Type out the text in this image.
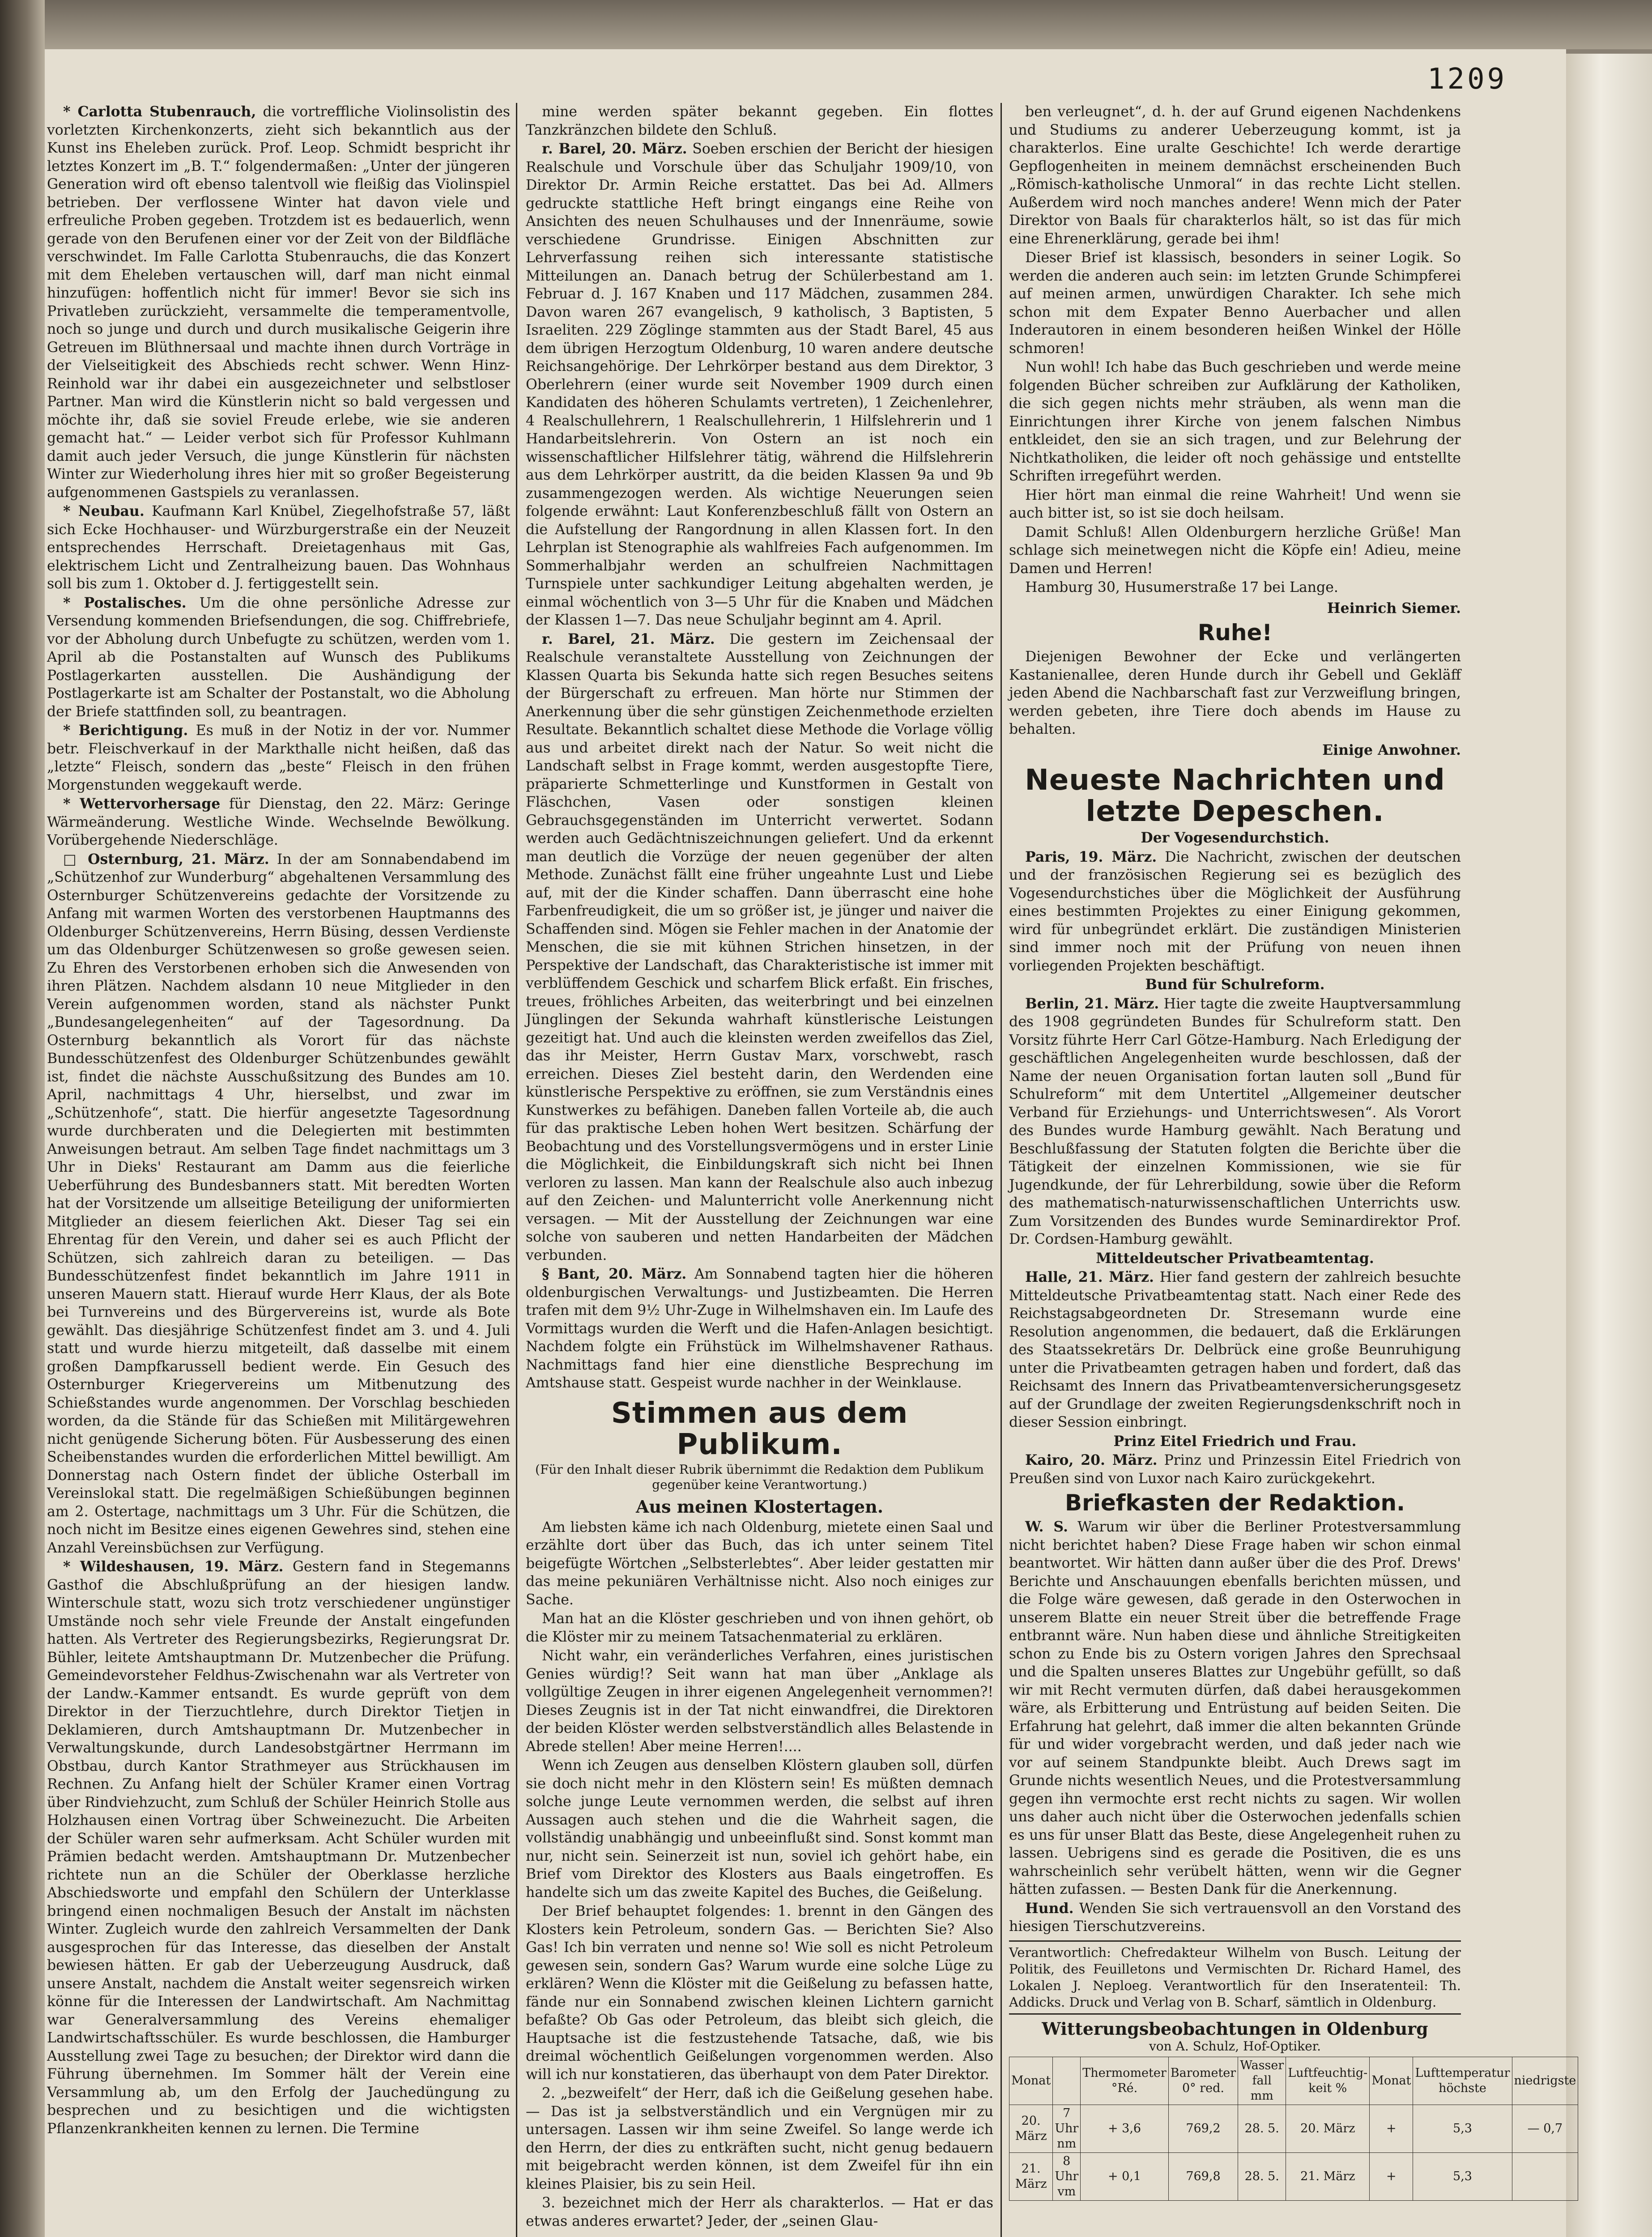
1209

* Carlotta Stubenrauch, die vortreffliche Violinsolistin des vorletzten Kirchenkonzerts, zieht sich bekanntlich aus der Kunst ins Eheleben zurück. Prof. Leop. Schmidt bespricht ihr letztes Konzert im „B. T.“ folgendermaßen: „Unter der jüngeren Generation wird oft ebenso talentvoll wie fleißig das Violinspiel betrieben. Der verflossene Winter hat davon viele und erfreuliche Proben gegeben. Trotzdem ist es bedauerlich, wenn gerade von den Berufenen einer vor der Zeit von der Bildfläche verschwindet. Im Falle Carlotta Stubenrauchs, die das Konzert mit dem Eheleben vertauschen will, darf man nicht einmal hinzufügen: hoffentlich nicht für immer! Bevor sie sich ins Privatleben zurückzieht, versammelte die temperamentvolle, noch so junge und durch und durch musikalische Geigerin ihre Getreuen im Blüthnersaal und machte ihnen durch Vorträge in der Vielseitigkeit des Abschieds recht schwer. Wenn Hinz-Reinhold war ihr dabei ein ausgezeichneter und selbstloser Partner. Man wird die Künstlerin nicht so bald vergessen und möchte ihr, daß sie soviel Freude erlebe, wie sie anderen gemacht hat.“ — Leider verbot sich für Professor Kuhlmann damit auch jeder Versuch, die junge Künstlerin für nächsten Winter zur Wiederholung ihres hier mit so großer Begeisterung aufgenommenen Gastspiels zu veranlassen.

* Neubau. Kaufmann Karl Knübel, Ziegelhofstraße 57, läßt sich Ecke Hochhauser- und Würzburgerstraße ein der Neuzeit entsprechendes Herrschaft. Dreietagenhaus mit Gas, elektrischem Licht und Zentralheizung bauen. Das Wohnhaus soll bis zum 1. Oktober d. J. fertiggestellt sein.

* Postalisches. Um die ohne persönliche Adresse zur Versendung kommenden Briefsendungen, die sog. Chiffrebriefe, vor der Abholung durch Unbefugte zu schützen, werden vom 1. April ab die Postanstalten auf Wunsch des Publikums Postlagerkarten ausstellen. Die Aushändigung der Postlagerkarte ist am Schalter der Postanstalt, wo die Abholung der Briefe stattfinden soll, zu beantragen.

* Berichtigung. Es muß in der Notiz in der vor. Nummer betr. Fleischverkauf in der Markthalle nicht heißen, daß das „letzte“ Fleisch, sondern das „beste“ Fleisch in den frühen Morgenstunden weggekauft werde.

* Wettervorhersage für Dienstag, den 22. März: Geringe Wärmeänderung. Westliche Winde. Wechselnde Bewölkung. Vorübergehende Niederschläge.

□ Osternburg, 21. März. In der am Sonnabendabend im „Schützenhof zur Wunderburg“ abgehaltenen Versammlung des Osternburger Schützenvereins gedachte der Vorsitzende zu Anfang mit warmen Worten des verstorbenen Hauptmanns des Oldenburger Schützenvereins, Herrn Büsing, dessen Verdienste um das Oldenburger Schützenwesen so große gewesen seien. Zu Ehren des Verstorbenen erhoben sich die Anwesenden von ihren Plätzen. Nachdem alsdann 10 neue Mitglieder in den Verein aufgenommen worden, stand als nächster Punkt „Bundesangelegenheiten“ auf der Tagesordnung. Da Osternburg bekanntlich als Vorort für das nächste Bundesschützenfest des Oldenburger Schützenbundes gewählt ist, findet die nächste Ausschußsitzung des Bundes am 10. April, nachmittags 4 Uhr, hierselbst, und zwar im „Schützenhofe“, statt. Die hierfür angesetzte Tagesordnung wurde durchberaten und die Delegierten mit bestimmten Anweisungen betraut. Am selben Tage findet nachmittags um 3 Uhr in Dieks' Restaurant am Damm aus die feierliche Ueberführung des Bundesbanners statt. Mit beredten Worten hat der Vorsitzende um allseitige Beteiligung der uniformierten Mitglieder an diesem feierlichen Akt. Dieser Tag sei ein Ehrentag für den Verein, und daher sei es auch Pflicht der Schützen, sich zahlreich daran zu beteiligen. — Das Bundesschützenfest findet bekanntlich im Jahre 1911 in unseren Mauern statt. Hierauf wurde Herr Klaus, der als Bote bei Turnvereins und des Bürgervereins ist, wurde als Bote gewählt. Das diesjährige Schützenfest findet am 3. und 4. Juli statt und wurde hierzu mitgeteilt, daß dasselbe mit einem großen Dampfkarussell bedient werde. Ein Gesuch des Osternburger Kriegervereins um Mitbenutzung des Schießstandes wurde angenommen. Der Vorschlag beschieden worden, da die Stände für das Schießen mit Militärgewehren nicht genügende Sicherung böten. Für Ausbesserung des einen Scheibenstandes wurden die erforderlichen Mittel bewilligt. Am Donnerstag nach Ostern findet der übliche Osterball im Vereinslokal statt. Die regelmäßigen Schießübungen beginnen am 2. Ostertage, nachmittags um 3 Uhr. Für die Schützen, die noch nicht im Besitze eines eigenen Gewehres sind, stehen eine Anzahl Vereinsbüchsen zur Verfügung.

* Wildeshausen, 19. März. Gestern fand in Stegemanns Gasthof die Abschlußprüfung an der hiesigen landw. Winterschule statt, wozu sich trotz verschiedener ungünstiger Umstände noch sehr viele Freunde der Anstalt eingefunden hatten. Als Vertreter des Regierungsbezirks, Regierungsrat Dr. Bühler, leitete Amtshauptmann Dr. Mutzenbecher die Prüfung. Gemeindevorsteher Feldhus-Zwischenahn war als Vertreter von der Landw.-Kammer entsandt. Es wurde geprüft von dem Direktor in der Tierzuchtlehre, durch Direktor Tietjen in Deklamieren, durch Amtshauptmann Dr. Mutzenbecher in Verwaltungskunde, durch Landesobstgärtner Herrmann im Obstbau, durch Kantor Strathmeyer aus Strückhausen im Rechnen. Zu Anfang hielt der Schüler Kramer einen Vortrag über Rindviehzucht, zum Schluß der Schüler Heinrich Stolle aus Holzhausen einen Vortrag über Schweinezucht. Die Arbeiten der Schüler waren sehr aufmerksam. Acht Schüler wurden mit Prämien bedacht werden. Amtshauptmann Dr. Mutzenbecher richtete nun an die Schüler der Oberklasse herzliche Abschiedsworte und empfahl den Schülern der Unterklasse bringend einen nochmaligen Besuch der Anstalt im nächsten Winter. Zugleich wurde den zahlreich Versammelten der Dank ausgesprochen für das Interesse, das dieselben der Anstalt bewiesen hätten. Er gab der Ueberzeugung Ausdruck, daß unsere Anstalt, nachdem die Anstalt weiter segensreich wirken könne für die Interessen der Landwirtschaft. Am Nachmittag war Generalversammlung des Vereins ehemaliger Landwirtschaftsschüler. Es wurde beschlossen, die Hamburger Ausstellung zwei Tage zu besuchen; der Direktor wird dann die Führung übernehmen. Im Sommer hält der Verein eine Versammlung ab, um den Erfolg der Jauchedüngung zu besprechen und zu besichtigen und die wichtigsten Pflanzenkrankheiten kennen zu lernen. Die Termine

mine werden später bekannt gegeben. Ein flottes Tanzkränzchen bildete den Schluß.

r. Barel, 20. März. Soeben erschien der Bericht der hiesigen Realschule und Vorschule über das Schuljahr 1909/10, von Direktor Dr. Armin Reiche erstattet. Das bei Ad. Allmers gedruckte stattliche Heft bringt eingangs eine Reihe von Ansichten des neuen Schulhauses und der Innenräume, sowie verschiedene Grundrisse. Einigen Abschnitten zur Lehrverfassung reihen sich interessante statistische Mitteilungen an. Danach betrug der Schülerbestand am 1. Februar d. J. 167 Knaben und 117 Mädchen, zusammen 284. Davon waren 267 evangelisch, 9 katholisch, 3 Baptisten, 5 Israeliten. 229 Zöglinge stammten aus der Stadt Barel, 45 aus dem übrigen Herzogtum Oldenburg, 10 waren andere deutsche Reichsangehörige. Der Lehrkörper bestand aus dem Direktor, 3 Oberlehrern (einer wurde seit November 1909 durch einen Kandidaten des höheren Schulamts vertreten), 1 Zeichenlehrer, 4 Realschullehrern, 1 Realschullehrerin, 1 Hilfslehrerin und 1 Handarbeitslehrerin. Von Ostern an ist noch ein wissenschaftlicher Hilfslehrer tätig, während die Hilfslehrerin aus dem Lehrkörper austritt, da die beiden Klassen 9a und 9b zusammengezogen werden. Als wichtige Neuerungen seien folgende erwähnt: Laut Konferenzbeschluß fällt von Ostern an die Aufstellung der Rangordnung in allen Klassen fort. In den Lehrplan ist Stenographie als wahlfreies Fach aufgenommen. Im Sommerhalbjahr werden an schulfreien Nachmittagen Turnspiele unter sachkundiger Leitung abgehalten werden, je einmal wöchentlich von 3—5 Uhr für die Knaben und Mädchen der Klassen 1—7. Das neue Schuljahr beginnt am 4. April.

r. Barel, 21. März. Die gestern im Zeichensaal der Realschule veranstaltete Ausstellung von Zeichnungen der Klassen Quarta bis Sekunda hatte sich regen Besuches seitens der Bürgerschaft zu erfreuen. Man hörte nur Stimmen der Anerkennung über die sehr günstigen Zeichenmethode erzielten Resultate. Bekanntlich schaltet diese Methode die Vorlage völlig aus und arbeitet direkt nach der Natur. So weit nicht die Landschaft selbst in Frage kommt, werden ausgestopfte Tiere, präparierte Schmetterlinge und Kunstformen in Gestalt von Fläschchen, Vasen oder sonstigen kleinen Gebrauchsgegenständen im Unterricht verwertet. Sodann werden auch Gedächtniszeichnungen geliefert. Und da erkennt man deutlich die Vorzüge der neuen gegenüber der alten Methode. Zunächst fällt eine früher ungeahnte Lust und Liebe auf, mit der die Kinder schaffen. Dann überrascht eine hohe Farbenfreudigkeit, die um so größer ist, je jünger und naiver die Schaffenden sind. Mögen sie Fehler machen in der Anatomie der Menschen, die sie mit kühnen Strichen hinsetzen, in der Perspektive der Landschaft, das Charakteristische ist immer mit verblüffendem Geschick und scharfem Blick erfaßt. Ein frisches, treues, fröhliches Arbeiten, das weiterbringt und bei einzelnen Jünglingen der Sekunda wahrhaft künstlerische Leistungen gezeitigt hat. Und auch die kleinsten werden zweifellos das Ziel, das ihr Meister, Herrn Gustav Marx, vorschwebt, rasch erreichen. Dieses Ziel besteht darin, den Werdenden eine künstlerische Perspektive zu eröffnen, sie zum Verständnis eines Kunstwerkes zu befähigen. Daneben fallen Vorteile ab, die auch für das praktische Leben hohen Wert besitzen. Schärfung der Beobachtung und des Vorstellungsvermögens und in erster Linie die Möglichkeit, die Einbildungskraft sich nicht bei Ihnen verloren zu lassen. Man kann der Realschule also auch inbezug auf den Zeichen- und Malunterricht volle Anerkennung nicht versagen. — Mit der Ausstellung der Zeichnungen war eine solche von sauberen und netten Handarbeiten der Mädchen verbunden.

§ Bant, 20. März. Am Sonnabend tagten hier die höheren oldenburgischen Verwaltungs- und Justizbeamten. Die Herren trafen mit dem 9½ Uhr-Zuge in Wilhelmshaven ein. Im Laufe des Vormittags wurden die Werft und die Hafen-Anlagen besichtigt. Nachdem folgte ein Frühstück im Wilhelmshavener Rathaus. Nachmittags fand hier eine dienstliche Besprechung im Amtshause statt. Gespeist wurde nachher in der Weinklause.

Stimmen aus dem Publikum.

(Für den Inhalt dieser Rubrik übernimmt die Redaktion dem Publikum gegenüber keine Verantwortung.)

Aus meinen Klostertagen.

Am liebsten käme ich nach Oldenburg, mietete einen Saal und erzählte dort über das Buch, das ich unter seinem Titel beigefügte Wörtchen „Selbsterlebtes“. Aber leider gestatten mir das meine pekuniären Verhältnisse nicht. Also noch einiges zur Sache.

Man hat an die Klöster geschrieben und von ihnen gehört, ob die Klöster mir zu meinem Tatsachenmaterial zu erklären.

Nicht wahr, ein veränderliches Verfahren, eines juristischen Genies würdig!? Seit wann hat man über „Anklage als vollgültige Zeugen in ihrer eigenen Angelegenheit vernommen?! Dieses Zeugnis ist in der Tat nicht einwandfrei, die Direktoren der beiden Klöster werden selbstverständlich alles Belastende in Abrede stellen! Aber meine Herren!....

Wenn ich Zeugen aus denselben Klöstern glauben soll, dürfen sie doch nicht mehr in den Klöstern sein! Es müßten demnach solche junge Leute vernommen werden, die selbst auf ihren Aussagen auch stehen und die die Wahrheit sagen, die vollständig unabhängig und unbeeinflußt sind. Sonst kommt man nur, nicht sein. Seinerzeit ist nun, soviel ich gehört habe, ein Brief vom Direktor des Klosters aus Baals eingetroffen. Es handelte sich um das zweite Kapitel des Buches, die Geißelung.

Der Brief behauptet folgendes: 1. brennt in den Gängen des Klosters kein Petroleum, sondern Gas. — Berichten Sie? Also Gas! Ich bin verraten und nenne so! Wie soll es nicht Petroleum gewesen sein, sondern Gas? Warum wurde eine solche Lüge zu erklären? Wenn die Klöster mit die Geißelung zu befassen hatte, fände nur ein Sonnabend zwischen kleinen Lichtern garnicht befaßte? Ob Gas oder Petroleum, das bleibt sich gleich, die Hauptsache ist die festzustehende Tatsache, daß, wie bis dreimal wöchentlich Geißelungen vorgenommen werden. Also will ich nur konstatieren, das überhaupt von dem Pater Direktor.

2. „bezweifelt“ der Herr, daß ich die Geißelung gesehen habe. — Das ist ja selbstverständlich und ein Vergnügen mir zu untersagen. Lassen wir ihm seine Zweifel. So lange werde ich den Herrn, der dies zu entkräften sucht, nicht genug bedauern mit beigebracht werden können, ist dem Zweifel für ihn ein kleines Plaisier, bis zu sein Heil.

3. bezeichnet mich der Herr als charakterlos. — Hat er das etwas anderes erwartet? Jeder, der „seinen Glau-

ben verleugnet“, d. h. der auf Grund eigenen Nachdenkens und Studiums zu anderer Ueberzeugung kommt, ist ja charakterlos. Eine uralte Geschichte! Ich werde derartige Gepflogenheiten in meinem demnächst erscheinenden Buch „Römisch-katholische Unmoral“ in das rechte Licht stellen. Außerdem wird noch manches andere! Wenn mich der Pater Direktor von Baals für charakterlos hält, so ist das für mich eine Ehrenerklärung, gerade bei ihm!

Dieser Brief ist klassisch, besonders in seiner Logik. So werden die anderen auch sein: im letzten Grunde Schimpferei auf meinen armen, unwürdigen Charakter. Ich sehe mich schon mit dem Expater Benno Auerbacher und allen Inderautoren in einem besonderen heißen Winkel der Hölle schmoren!

Nun wohl! Ich habe das Buch geschrieben und werde meine folgenden Bücher schreiben zur Aufklärung der Katholiken, die sich gegen nichts mehr sträuben, als wenn man die Einrichtungen ihrer Kirche von jenem falschen Nimbus entkleidet, den sie an sich tragen, und zur Belehrung der Nichtkatholiken, die leider oft noch gehässige und entstellte Schriften irregeführt werden.

Hier hört man einmal die reine Wahrheit! Und wenn sie auch bitter ist, so ist sie doch heilsam.

Damit Schluß! Allen Oldenburgern herzliche Grüße! Man schlage sich meinetwegen nicht die Köpfe ein! Adieu, meine Damen und Herren!

Hamburg 30, Husumerstraße 17 bei Lange.

Heinrich Siemer.

Ruhe!

Diejenigen Bewohner der Ecke und verlängerten Kastanienallee, deren Hunde durch ihr Gebell und Gekläff jeden Abend die Nachbarschaft fast zur Verzweiflung bringen, werden gebeten, ihre Tiere doch abends im Hause zu behalten.

Einige Anwohner.

Neueste Nachrichten und letzte Depeschen.

Der Vogesendurchstich.

Paris, 19. März. Die Nachricht, zwischen der deutschen und der französischen Regierung sei es bezüglich des Vogesendurchstiches über die Möglichkeit der Ausführung eines bestimmten Projektes zu einer Einigung gekommen, wird für unbegründet erklärt. Die zuständigen Ministerien sind immer noch mit der Prüfung von neuen ihnen vorliegenden Projekten beschäftigt.

Bund für Schulreform.

Berlin, 21. März. Hier tagte die zweite Hauptversammlung des 1908 gegründeten Bundes für Schulreform statt. Den Vorsitz führte Herr Carl Götze-Hamburg. Nach Erledigung der geschäftlichen Angelegenheiten wurde beschlossen, daß der Name der neuen Organisation fortan lauten soll „Bund für Schulreform“ mit dem Untertitel „Allgemeiner deutscher Verband für Erziehungs- und Unterrichtswesen“. Als Vorort des Bundes wurde Hamburg gewählt. Nach Beratung und Beschlußfassung der Statuten folgten die Berichte über die Tätigkeit der einzelnen Kommissionen, wie sie für Jugendkunde, der für Lehrerbildung, sowie über die Reform des mathematisch-naturwissenschaftlichen Unterrichts usw. Zum Vorsitzenden des Bundes wurde Seminardirektor Prof. Dr. Cordsen-Hamburg gewählt.

Mitteldeutscher Privatbeamtentag.

Halle, 21. März. Hier fand gestern der zahlreich besuchte Mitteldeutsche Privatbeamtentag statt. Nach einer Rede des Reichstagsabgeordneten Dr. Stresemann wurde eine Resolution angenommen, die bedauert, daß die Erklärungen des Staatssekretärs Dr. Delbrück eine große Beunruhigung unter die Privatbeamten getragen haben und fordert, daß das Reichsamt des Innern das Privatbeamtenversicherungsgesetz auf der Grundlage der zweiten Regierungsdenkschrift noch in dieser Session einbringt.

Prinz Eitel Friedrich und Frau.

Kairo, 20. März. Prinz und Prinzessin Eitel Friedrich von Preußen sind von Luxor nach Kairo zurückgekehrt.

Briefkasten der Redaktion.

W. S. Warum wir über die Berliner Protestversammlung nicht berichtet haben? Diese Frage haben wir schon einmal beantwortet. Wir hätten dann außer über die des Prof. Drews' Berichte und Anschauungen ebenfalls berichten müssen, und die Folge wäre gewesen, daß gerade in den Osterwochen in unserem Blatte ein neuer Streit über die betreffende Frage entbrannt wäre. Nun haben diese und ähnliche Streitigkeiten schon zu Ende bis zu Ostern vorigen Jahres den Sprechsaal und die Spalten unseres Blattes zur Ungebühr gefüllt, so daß wir mit Recht vermuten dürfen, daß dabei herausgekommen wäre, als Erbitterung und Entrüstung auf beiden Seiten. Die Erfahrung hat gelehrt, daß immer die alten bekannten Gründe für und wider vorgebracht werden, und daß jeder nach wie vor auf seinem Standpunkte bleibt. Auch Drews sagt im Grunde nichts wesentlich Neues, und die Protestversammlung gegen ihn vermochte erst recht nichts zu sagen. Wir wollen uns daher auch nicht über die Osterwochen jedenfalls schien es uns für unser Blatt das Beste, diese Angelegenheit ruhen zu lassen. Uebrigens sind es gerade die Positiven, die es uns wahrscheinlich sehr verübelt hätten, wenn wir die Gegner hätten zufassen. — Besten Dank für die Anerkennung.

Hund. Wenden Sie sich vertrauensvoll an den Vorstand des hiesigen Tierschutzvereins.

Verantwortlich: Chefredakteur Wilhelm von Busch. Leitung der Politik, des Feuilletons und Vermischten Dr. Richard Hamel, des Lokalen J. Neploeg. Verantwortlich für den Inseratenteil: Th. Addicks. Druck und Verlag von B. Scharf, sämtlich in Oldenburg.

Witterungsbeobachtungen in Oldenburg
von A. Schulz, Hof-Optiker.
Monat		Thermometer °Ré.	Barometer 0° red.	Wasser fall mm	Luftfeuchtig-keit %	Monat	Lufttemperatur höchste	niedrigste
20. März	7 Uhr nm	+ 3,6	769,2	28. 5.	20. März	+	5,3	— 0,7
21. März	8 Uhr vm	+ 0,1	769,8	28. 5.	21. März	+	5,3	
